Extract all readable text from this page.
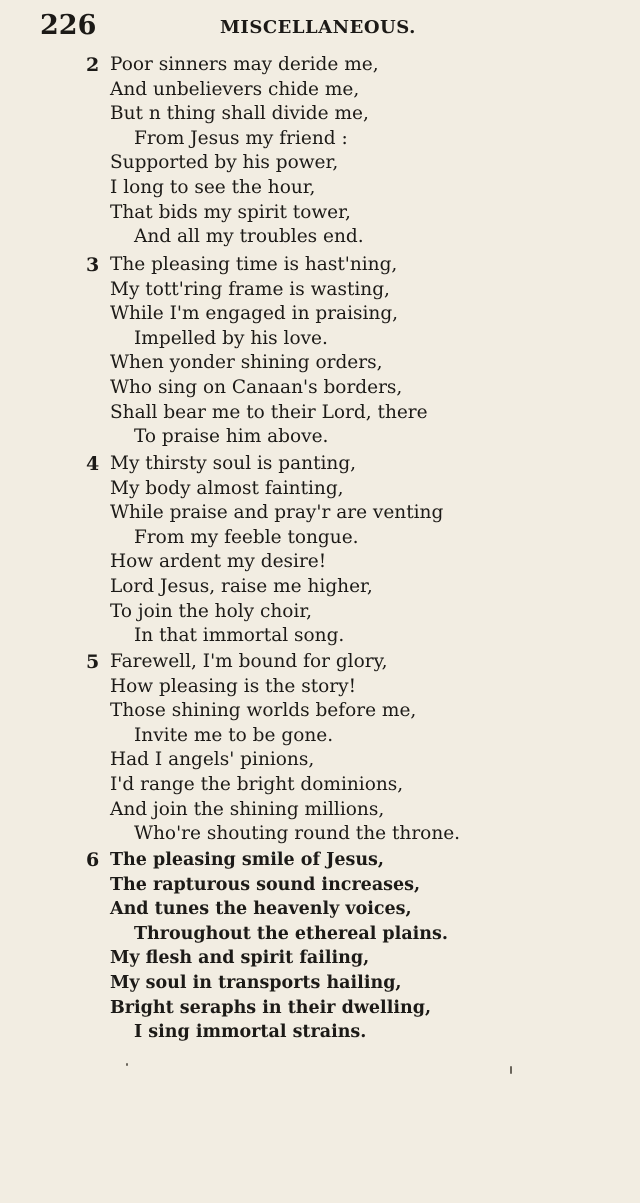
226	MISCELLANEOUS.
2 Poor sinners may deride me,
And unbelievers chide me,
But n thing shall divide me,
From Jesus my friend :
Supported by his power,
I long to see the hour,
That bids my spirit tower,
And all my troubles end.
3 The pleasing time is hast'ning,
My tott'ring frame is wasting,
While I'm engaged in praising,
Impelled by his love.
When yonder shining orders,
Who sing on Canaan's borders,
Shall bear me to their Lord, there
To praise him above.
4 My thirsty soul is panting,
My body almost fainting,
While praise and pray'r are venting
From my feeble tongue.
How ardent my desire!
Lord Jesus, raise me higher,
To join the holy choir,
In that immortal song.
5 Farewell, I'm bound for glory,
How pleasing is the story!
Those shining worlds before me,
Invite me to be gone.
Had I angels' pinions,
I'd range the bright dominions,
And join the shining millions,
Who're shouting round the throne.
6 The pleasing smile of Jesus,
The rapturous sound increases,
And tunes the heavenly voices,
Throughout the ethereal plains.
My flesh and spirit failing,
My soul in transports hailing,
Bright seraphs in their dwelling,
I sing immortal strains.
